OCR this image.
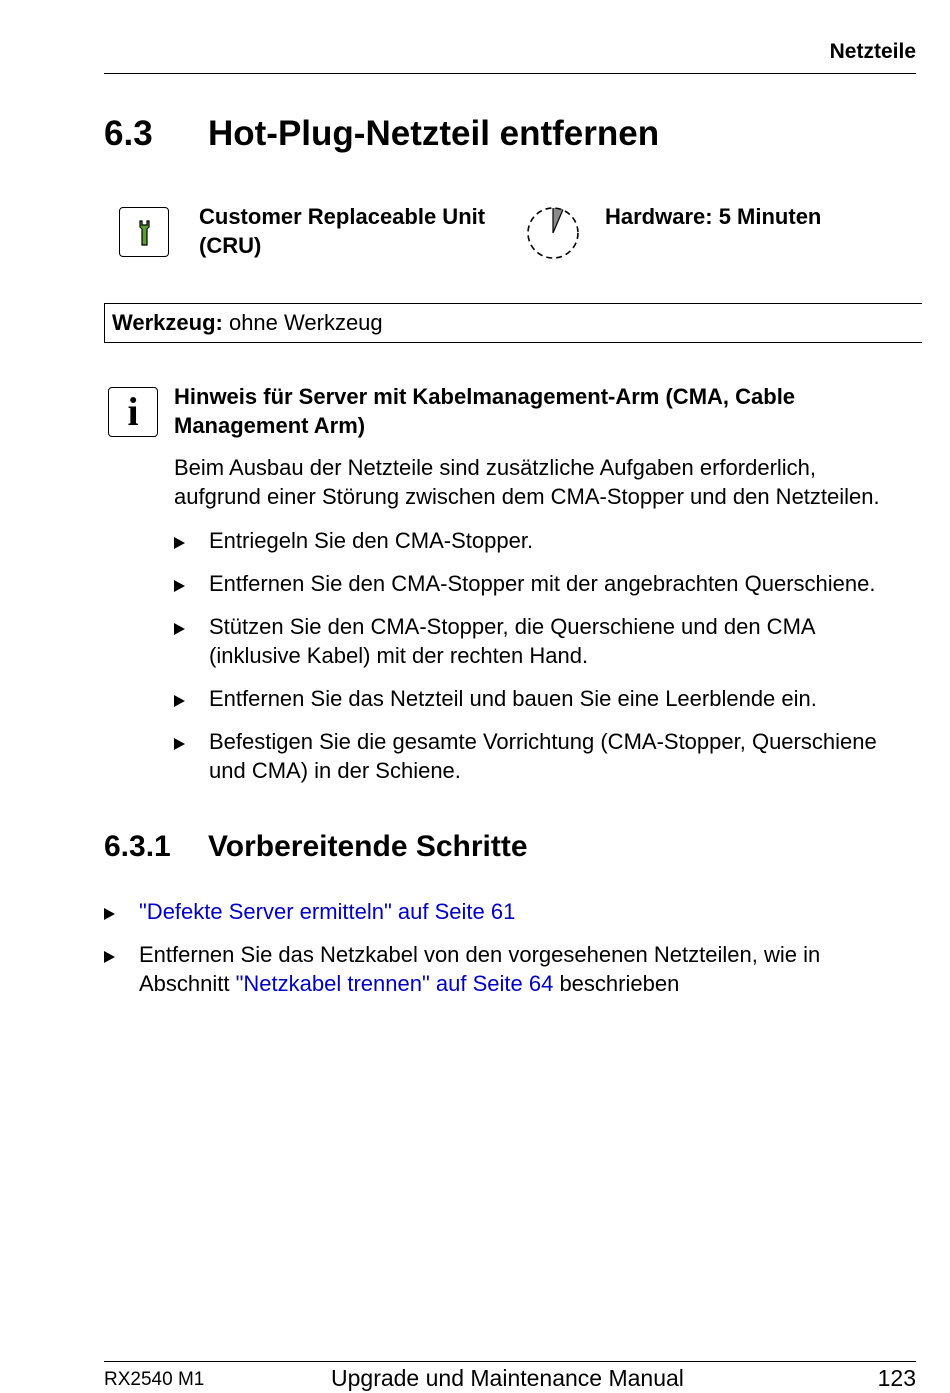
Netzteile
6.3 Hot-Plug-Netzteil entfernen
Customer Replaceable Unit
(CRU)
Hardware: 5 Minuten
Werkzeug: ohne Werkzeug
i	Hinweis für Server mit Kabelmanagement-Arm (CMA, Cable
Management Arm)
Beim Ausbau der Netzteile sind zusätzliche Aufgaben erforderlich,
aufgrund einer Störung zwischen dem CMA-Stopper und den Netzteilen.
Entriegeln Sie den CMA-Stopper.
Entfernen Sie den CMA-Stopper mit der angebrachten Querschiene.
Stützen Sie den CMA-Stopper, die Querschiene und den CMA
(inklusive Kabel) mit der rechten Hand.
Entfernen Sie das Netzteil und bauen Sie eine Leerblende ein.
Befestigen Sie die gesamte Vorrichtung (CMA-Stopper, Querschiene
und CMA) in der Schiene.
6.3.1 Vorbereitende Schritte
"Defekte Server ermitteln" auf Seite 61
Entfernen Sie das Netzkabel von den vorgesehenen Netzteilen, wie in
Abschnitt "Netzkabel trennen" auf Seite 64 beschrieben
RX2540 M1	Upgrade und Maintenance Manual	123
